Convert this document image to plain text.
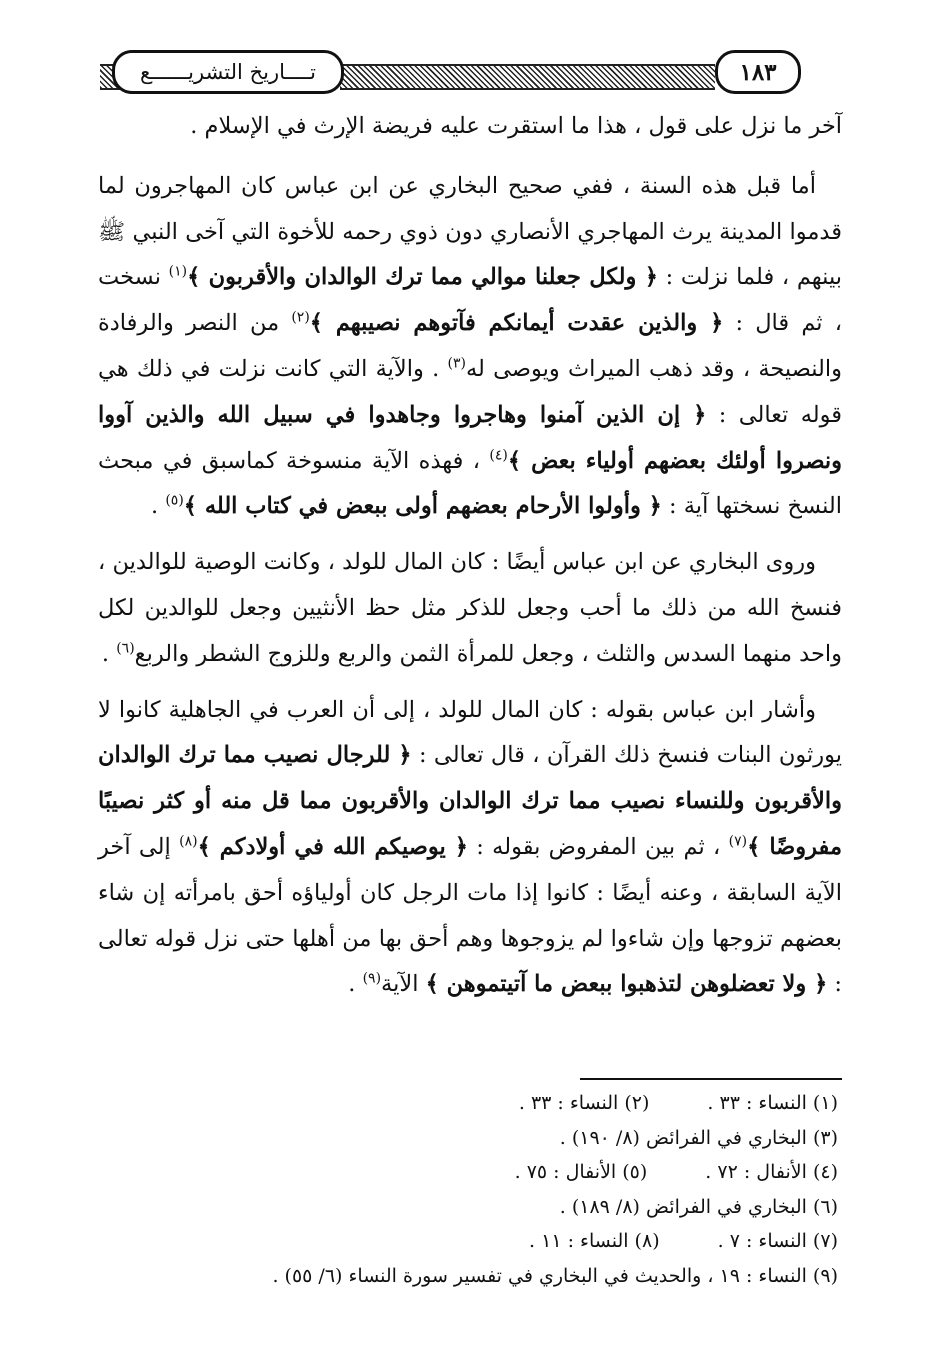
تــــاريخ التشريــــــع	١٨٣

آخر ما نزل على قول ، هذا ما استقرت عليه فريضة الإرث في الإسلام .

أما قبل هذه السنة ، ففي صحيح البخاري عن ابن عباس كان المهاجرون لما قدموا المدينة يرث المهاجري الأنصاري دون ذوي رحمه للأخوة التي آخى النبي ﷺ بينهم ، فلما نزلت : ﴿ ولكل جعلنا موالي مما ترك الوالدان والأقربون ﴾$^{(١)}$ نسخت ، ثم قال : ﴿ والذين عقدت أيمانكم فآتوهم نصيبهم ﴾$^{(٢)}$ من النصر والرفادة والنصيحة ، وقد ذهب الميراث ويوصى له$^{(٣)}$ . والآية التي كانت نزلت في ذلك هي قوله تعالى : ﴿ إن الذين آمنوا وهاجروا وجاهدوا في سبيل الله والذين آووا ونصروا أولئك بعضهم أولياء بعض ﴾$^{(٤)}$ ، فهذه الآية منسوخة كماسبق في مبحث النسخ نسختها آية : ﴿ وأولوا الأرحام بعضهم أولى ببعض في كتاب الله ﴾$^{(٥)}$ .

وروى البخاري عن ابن عباس أيضًا : كان المال للولد ، وكانت الوصية للوالدين ، فنسخ الله من ذلك ما أحب وجعل للذكر مثل حظ الأنثيين وجعل للوالدين لكل واحد منهما السدس والثلث ، وجعل للمرأة الثمن والربع وللزوج الشطر والربع$^{(٦)}$ .

وأشار ابن عباس بقوله : كان المال للولد ، إلى أن العرب في الجاهلية كانوا لا يورثون البنات فنسخ ذلك القرآن ، قال تعالى : ﴿ للرجال نصيب مما ترك الوالدان والأقربون وللنساء نصيب مما ترك الوالدان والأقربون مما قل منه أو كثر نصيبًا مفروضًا ﴾$^{(٧)}$ ، ثم بين المفروض بقوله : ﴿ يوصيكم الله في أولادكم ﴾$^{(٨)}$ إلى آخر الآية السابقة ، وعنه أيضًا : كانوا إذا مات الرجل كان أولياؤه أحق بامرأته إن شاء بعضهم تزوجها وإن شاءوا لم يزوجوها وهم أحق بها من أهلها حتى نزل قوله تعالى : ﴿ ولا تعضلوهن لتذهبوا ببعض ما آتيتموهن ﴾ الآية$^{(٩)}$ .

(١) النساء : ٣٣ .(٢) النساء : ٣٣ .
(٣) البخاري في الفرائض (٨/ ١٩٠) .
(٤) الأنفال : ٧٢ .(٥) الأنفال : ٧٥ .
(٦) البخاري في الفرائض (٨/ ١٨٩) .
(٧) النساء : ٧ .(٨) النساء : ١١ .
(٩) النساء : ١٩ ، والحديث في البخاري في تفسير سورة النساء (٦/ ٥٥) .
